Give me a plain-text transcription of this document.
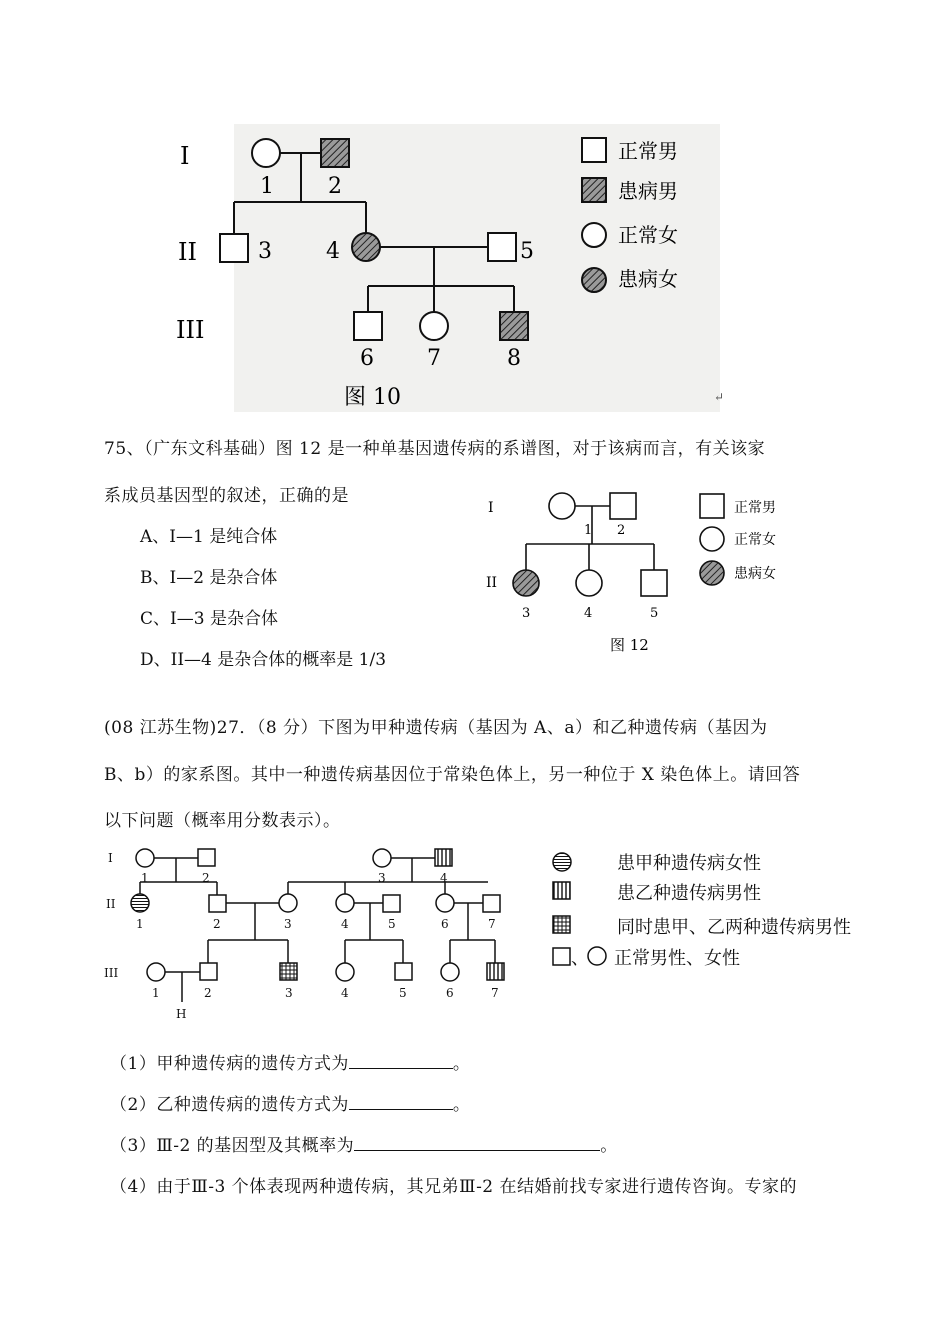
I
II
III
1 2
3 4	5
6 7	8
图 10
正常男
患病男
正常女
患病女
↵
75、（广东文科基础）图 12 是一种单基因遗传病的系谱图，对于该病而言，有关该家
系成员基因型的叙述，正确的是
A、I—1 是纯合体
B、I—2 是杂合体
C、I—3 是杂合体
D、II—4 是杂合体的概率是 1/3
I
II
1 2
3	4	5
图 12
正常男
正常女
患病女
(08 江苏生物)27．（8 分）下图为甲种遗传病（基因为 A、a）和乙种遗传病（基因为
B、b）的家系图。其中一种遗传病基因位于常染色体上，另一种位于 X 染色体上。请回答
以下问题（概率用分数表示）。
I
II
III
1	2	3	4
1	2	3	4	5	6	7
1	2	3	4	5	6	7
H
患甲种遗传病女性
患乙种遗传病男性
同时患甲、乙两种遗传病男性
、 正常男性、女性
（1）甲种遗传病的遗传方式为	。
（2）乙种遗传病的遗传方式为	。
（3）Ⅲ-2 的基因型及其概率为	。
（4）由于Ⅲ-3 个体表现两种遗传病，其兄弟Ⅲ-2 在结婚前找专家进行遗传咨询。专家的
